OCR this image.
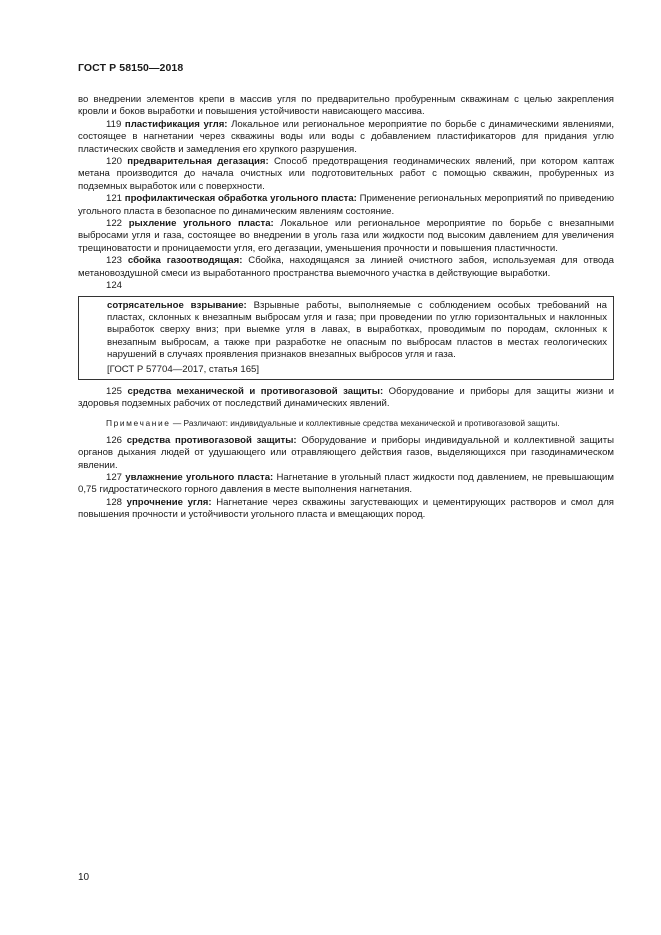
ГОСТ Р 58150—2018

во внедрении элементов крепи в массив угля по предварительно пробуренным скважинам с целью закрепления кровли и боков выработки и повышения устойчивости нависающего массива.

119 пластификация угля: Локальное или региональное мероприятие по борьбе с динамическими явлениями, состоящее в нагнетании через скважины воды или воды с добавлением пластификаторов для придания углю пластических свойств и замедления его хрупкого разрушения.

120 предварительная дегазация: Способ предотвращения геодинамических явлений, при котором каптаж метана производится до начала очистных или подготовительных работ с помощью скважин, пробуренных из подземных выработок или с поверхности.

121 профилактическая обработка угольного пласта: Применение региональных мероприятий по приведению угольного пласта в безопасное по динамическим явлениям состояние.

122 рыхление угольного пласта: Локальное или региональное мероприятие по борьбе с внезапными выбросами угля и газа, состоящее во внедрении в уголь газа или жидкости под высоким давлением для увеличения трещиноватости и проницаемости угля, его дегазации, уменьшения прочности и повышения пластичности.

123 сбойка газоотводящая: Сбойка, находящаяся за линией очистного забоя, используемая для отвода метановоздушной смеси из выработанного пространства выемочного участка в действующие выработки.

124

сотрясательное взрывание: Взрывные работы, выполняемые с соблюдением особых требований на пластах, склонных к внезапным выбросам угля и газа; при проведении по углю горизонтальных и наклонных выработок сверху вниз; при выемке угля в лавах, в выработках, проводимым по породам, склонных к внезапным выбросам, а также при разработке не опасным по выбросам пластов в местах геологических нарушений в случаях проявления признаков внезапных выбросов угля и газа.

[ГОСТ Р 57704—2017, статья 165]

125 средства механической и противогазовой защиты: Оборудование и приборы для защиты жизни и здоровья подземных рабочих от последствий динамических явлений.

Примечание — Различают: индивидуальные и коллективные средства механической и противогазовой защиты.

126 средства противогазовой защиты: Оборудование и приборы индивидуальной и коллективной защиты органов дыхания людей от удушающего или отравляющего действия газов, выделяющихся при газодинамическом явлении.

127 увлажнение угольного пласта: Нагнетание в угольный пласт жидкости под давлением, не превышающим 0,75 гидростатического горного давления в месте выполнения нагнетания.

128 упрочнение угля: Нагнетание через скважины загустевающих и цементирующих растворов и смол для повышения прочности и устойчивости угольного пласта и вмещающих пород.

10
